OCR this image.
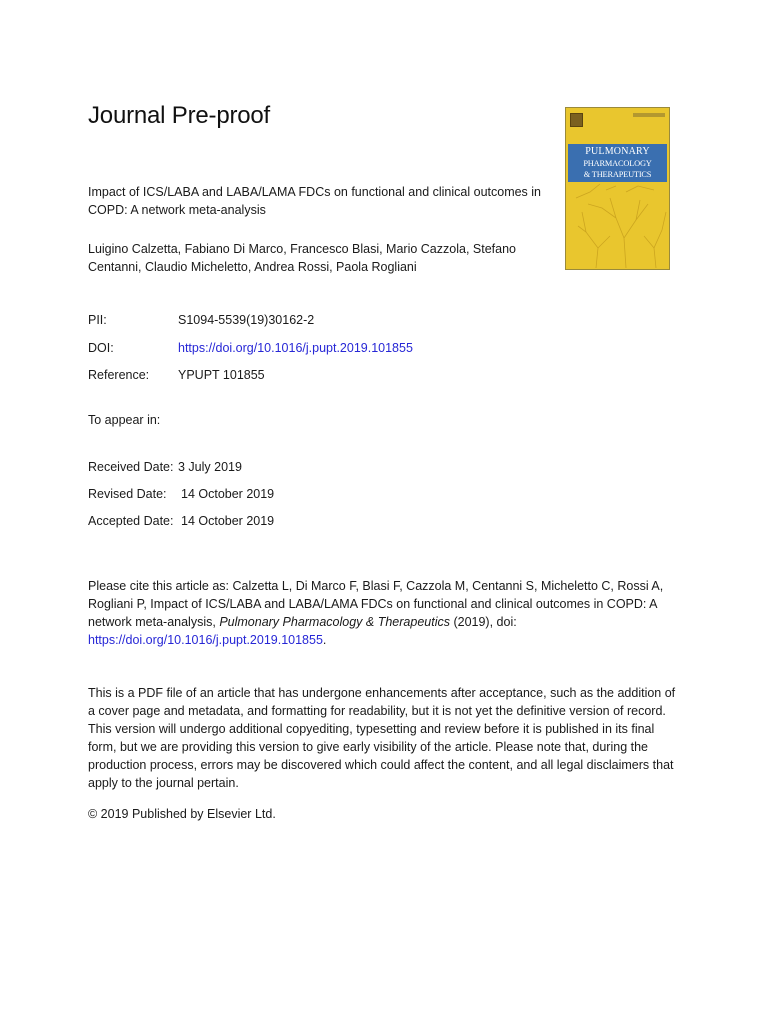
Journal Pre-proof
PULMONARY
PHARMACOLOGY
& THERAPEUTICS
Impact of ICS/LABA and LABA/LAMA FDCs on functional and clinical outcomes in COPD: A network meta-analysis
Luigino Calzetta, Fabiano Di Marco, Francesco Blasi, Mario Cazzola, Stefano Centanni, Claudio Micheletto, Andrea Rossi, Paola Rogliani
PII:	S1094-5539(19)30162-2
DOI:	https://doi.org/10.1016/j.pupt.2019.101855
Reference: YPUPT 101855
To appear in:
Received Date: 3 July 2019
Revised Date: 14 October 2019
Accepted Date: 14 October 2019
Please cite this article as: Calzetta L, Di Marco F, Blasi F, Cazzola M, Centanni S, Micheletto C, Rossi A, Rogliani P, Impact of ICS/LABA and LABA/LAMA FDCs on functional and clinical outcomes in COPD: A network meta-analysis, Pulmonary Pharmacology & Therapeutics (2019), doi: https://doi.org/10.1016/j.pupt.2019.101855.
This is a PDF file of an article that has undergone enhancements after acceptance, such as the addition of a cover page and metadata, and formatting for readability, but it is not yet the definitive version of record. This version will undergo additional copyediting, typesetting and review before it is published in its final form, but we are providing this version to give early visibility of the article. Please note that, during the production process, errors may be discovered which could affect the content, and all legal disclaimers that apply to the journal pertain.
© 2019 Published by Elsevier Ltd.
